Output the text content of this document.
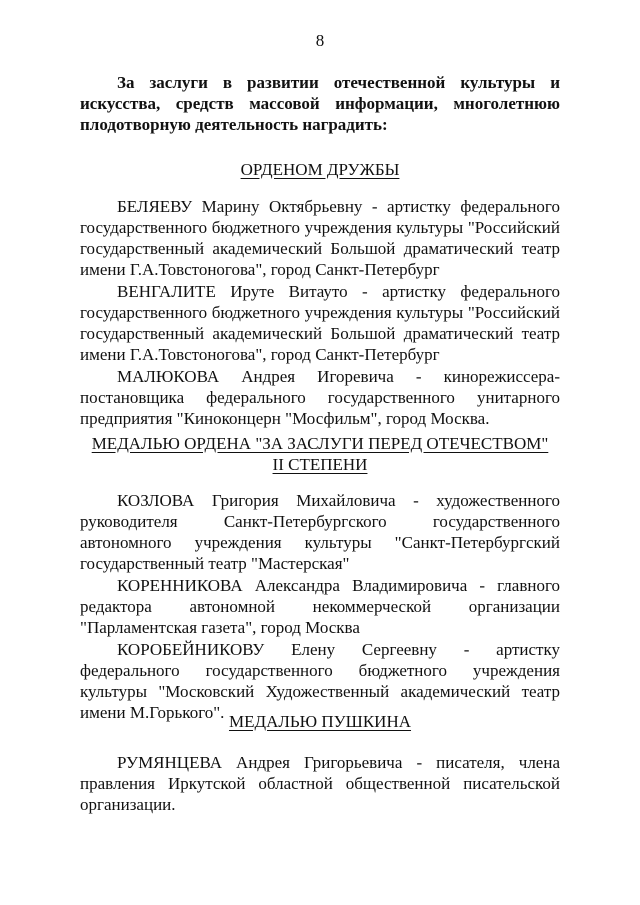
8
За заслуги в развитии отечественной культуры и искусства, средств массовой информации, многолетнюю плодотворную деятельность наградить:
ОРДЕНОМ ДРУЖБЫ

БЕЛЯЕВУ Марину Октябрьевну - артистку федерального государственного бюджетного учреждения культуры "Российский государственный академический Большой драматический театр имени Г.А.Товстоногова", город Санкт-Петербург

ВЕНГАЛИТЕ Ируте Витауто - артистку федерального государственного бюджетного учреждения культуры "Российский государственный академический Большой драматический театр имени Г.А.Товстоногова", город Санкт-Петербург

МАЛЮКОВА Андрея Игоревича - кинорежиссера-постановщика федерального государственного унитарного предприятия "Киноконцерн "Мосфильм", город Москва.

МЕДАЛЬЮ ОРДЕНА "ЗА ЗАСЛУГИ ПЕРЕД ОТЕЧЕСТВОМ"
II СТЕПЕНИ

КОЗЛОВА Григория Михайловича - художественного руководителя Санкт-Петербургского государственного автономного учреждения культуры "Санкт-Петербургский государственный театр "Мастерская"

КОРЕННИКОВА Александра Владимировича - главного редактора автономной некоммерческой организации "Парламентская газета", город Москва

КОРОБЕЙНИКОВУ Елену Сергеевну - артистку федерального государственного бюджетного учреждения культуры "Московский Художественный академический театр имени М.Горького". МЕДАЛЬЮ ПУШКИНА

РУМЯНЦЕВА Андрея Григорьевича - писателя, члена правления Иркутской областной общественной писательской организации.
